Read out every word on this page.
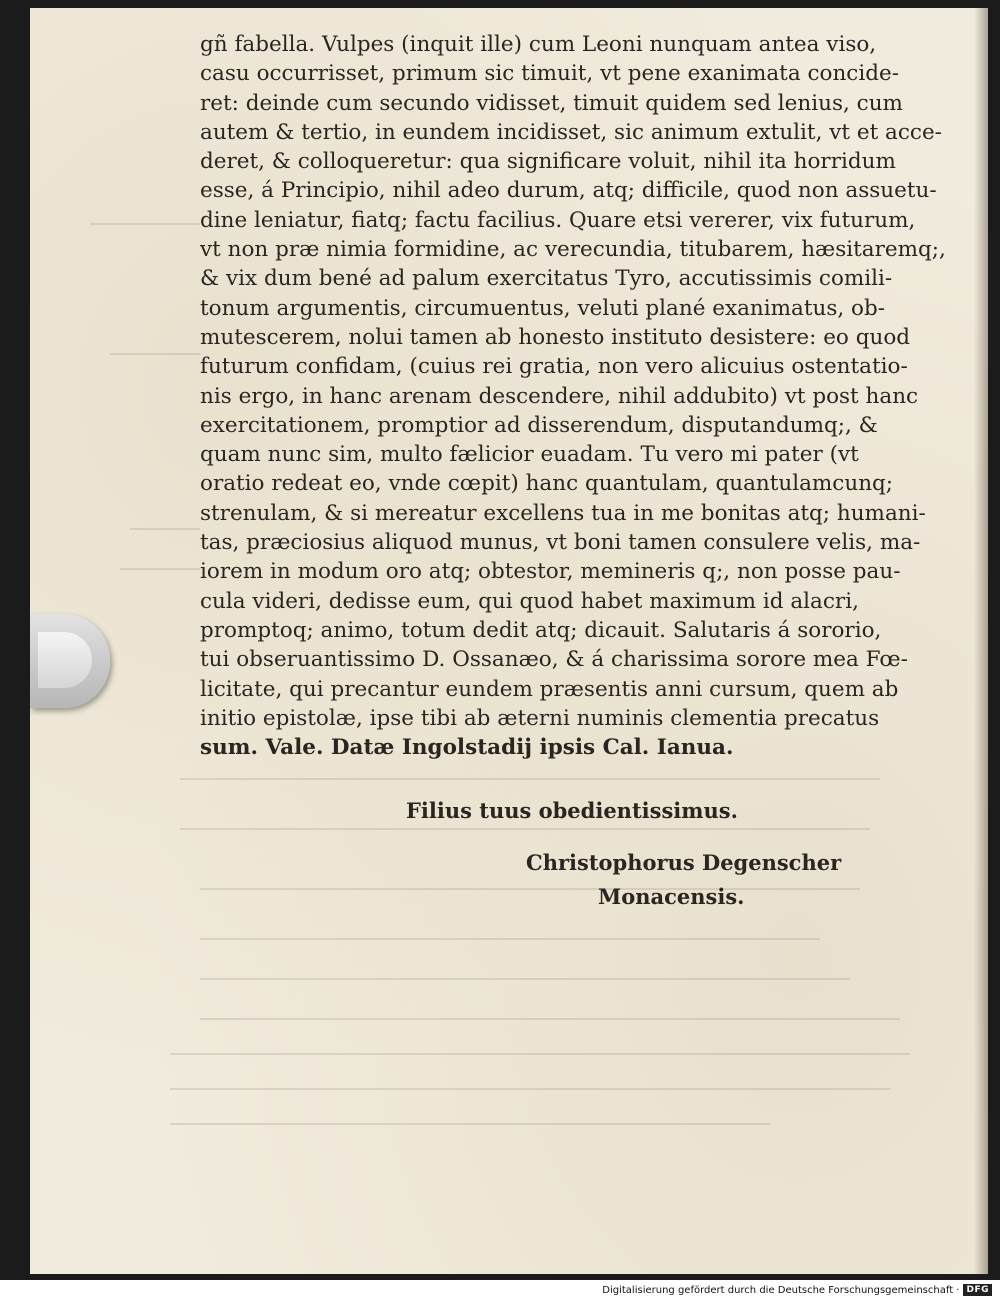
gñ fabella. Vulpes (inquit ille) cum Leoni nunquam antea viso,
casu occurrisset, primum sic timuit, vt pene exanimata concide-
ret: deinde cum secundo vidisset, timuit quidem sed lenius, cum
autem & tertio, in eundem incidisset, sic animum extulit, vt et acce-
deret, & colloqueretur: qua significare voluit, nihil ita horridum
esse, á Principio, nihil adeo durum, atq; difficile, quod non assuetu-
dine leniatur, fiatq; factu facilius. Quare etsi vererer, vix futurum,
vt non præ nimia formidine, ac verecundia, titubarem, hæsitaremq;,
& vix dum bené ad palum exercitatus Tyro, accutissimis comili-
tonum argumentis, circumuentus, veluti plané exanimatus, ob-
mutescerem, nolui tamen ab honesto instituto desistere: eo quod
futurum confidam, (cuius rei gratia, non vero alicuius ostentatio-
nis ergo, in hanc arenam descendere, nihil addubito) vt post hanc
exercitationem, promptior ad disserendum, disputandumq;, &
quam nunc sim, multo fælicior euadam. Tu vero mi pater (vt
oratio redeat eo, vnde cœpit) hanc quantulam, quantulamcunq;
strenulam, & si mereatur excellens tua in me bonitas atq; humani-
tas, præciosius aliquod munus, vt boni tamen consulere velis, ma-
iorem in modum oro atq; obtestor, memineris q;, non posse pau-
cula videri, dedisse eum, qui quod habet maximum id alacri,
promptoq; animo, totum dedit atq; dicauit. Salutaris á sororio,
tui obseruantissimo D. Ossanæo, & á charissima sorore mea Fœ-
licitate, qui precantur eundem præsentis anni cursum, quem ab
initio epistolæ, ipse tibi ab æterni numinis clementia precatus
sum. Vale. Datæ Ingolstadij ipsis Cal. Ianua.
Filius tuus obedientissimus.
Christophorus Degenscher
Monacensis.
Digitalisierung gefördert durch die Deutsche Forschungsgemeinschaft · DFG
